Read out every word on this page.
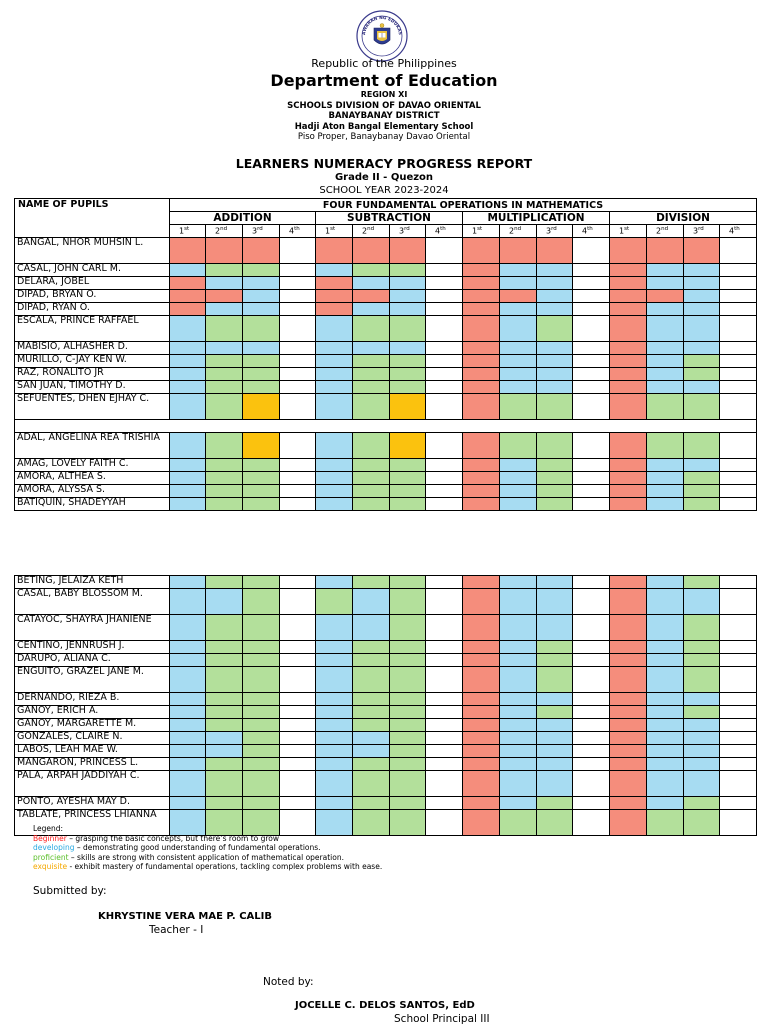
AWARAN NG EDUKAS
Republic of the Philippines
Department of Education
REGION XI
SCHOOLS DIVISION OF DAVAO ORIENTAL
BANAYBANAY DISTRICT
Hadji Aton Bangal Elementary School
Piso Proper, Banaybanay Davao Oriental
LEARNERS NUMERACY PROGRESS REPORT
Grade II - Quezon
SCHOOL YEAR 2023-2024
NAME OF PUPILS	FOUR FUNDAMENTAL OPERATIONS IN MATHEMATICS															
	ADDITION				SUBTRACTION				MULTIPLICATION				DIVISION			
	1st	2nd	3rd	4th	1st	2nd	3rd	4th	1st	2nd	3rd	4th	1st	2nd	3rd	4th
BANGAL, NHOR MUHSIN L.																
CASAL, JOHN CARL M.																
DELARA, JOBEL																
DIPAD, BRYAN O.																
DIPAD, RYAN O.																
ESCALA, PRINCE RAFFAEL																
MABISIO, ALHASHER D.																
MURILLO, C-JAY KEN W.																
RAZ, RONALITO JR																
SAN JUAN, TIMOTHY D.																
SEFUENTES, DHEN EJHAY C.																

ADAL, ANGELINA REA TRISHIA																
AMAG, LOVELY FAITH C.																
AMORA, ALTHEA S.																
AMORA, ALYSSA S.																
BATIQUIN, SHADEYYAH																
BETING, JELAIZA KETH																
CASAL, BABY BLOSSOM M.																
CATAYOC, SHAYRA JHANIENE																
CENTINO, JENNRUSH J.																
DARUPO, ALIANA C.																
ENGUITO, GRAZEL JANE M.																
DERNANDO, RIEZA B.																
GANOY, ERICH A.																
GANOY, MARGARETTE M.																
GONZALES, CLAIRE N.																
LABOS, LEAH MAE W.																
MANGARON, PRINCESS L.																
PALA, ARPAH JADDIYAH C.																
PONTO, AYESHA MAY D.																
TABLATE, PRINCESS LHIANNA																
Legend:
Beginner – grasping the basic concepts, but there’s room to grow
developing – demonstrating good understanding of fundamental operations.
proficient – skills are strong with consistent application of mathematical operation.
exquisite - exhibit mastery of fundamental operations, tackling complex problems with ease.
Submitted by:
KHRYSTINE VERA MAE P. CALIB
Teacher - I
Noted by:
JOCELLE C. DELOS SANTOS, EdD
School Principal III
